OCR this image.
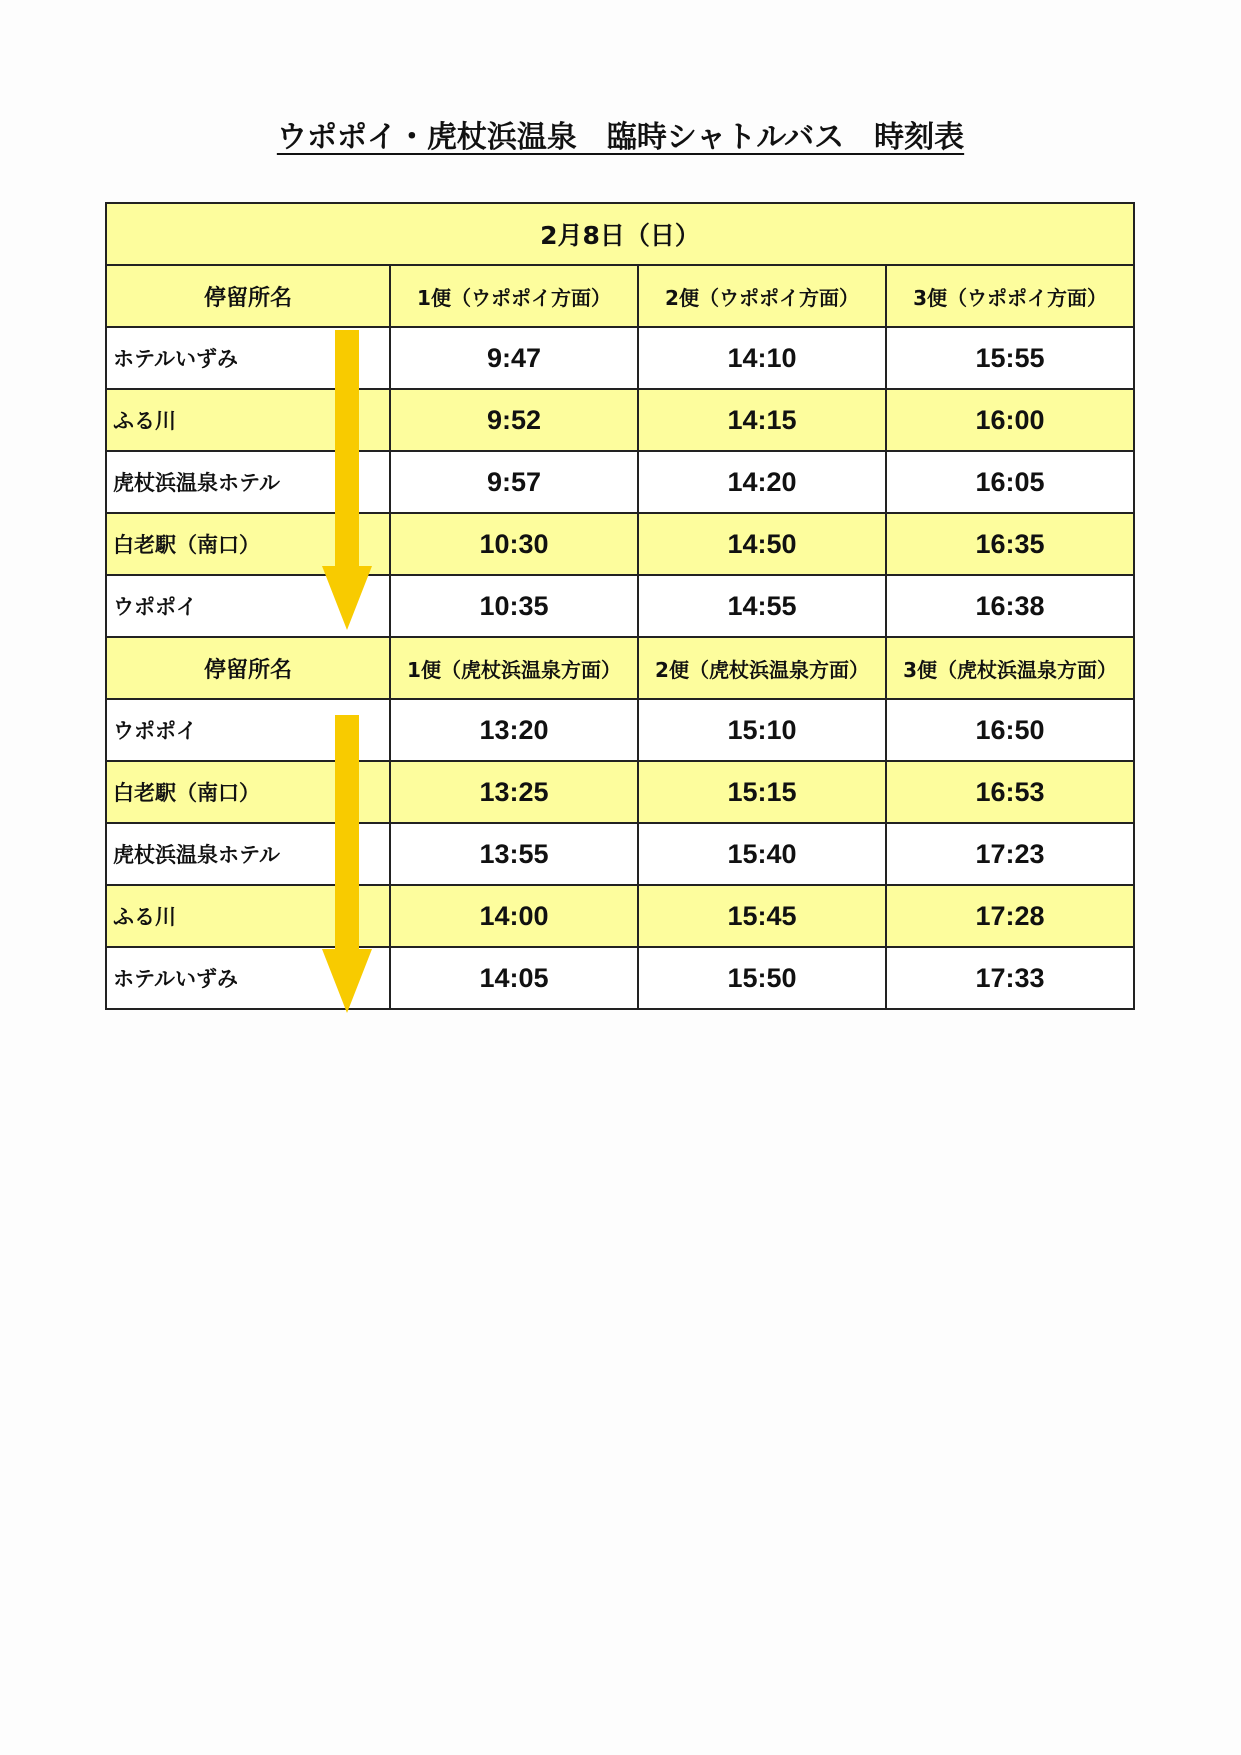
ウポポイ・虎杖浜温泉　臨時シャトルバス　時刻表
2月8日（日）			
停留所名	1便（ウポポイ方面）	2便（ウポポイ方面）	3便（ウポポイ方面）
ホテルいずみ	9:47	14:10	15:55
ふる川	9:52	14:15	16:00
虎杖浜温泉ホテル	9:57	14:20	16:05
白老駅（南口）	10:30	14:50	16:35
ウポポイ	10:35	14:55	16:38
停留所名	1便（虎杖浜温泉方面）	2便（虎杖浜温泉方面）	3便（虎杖浜温泉方面）
ウポポイ	13:20	15:10	16:50
白老駅（南口）	13:25	15:15	16:53
虎杖浜温泉ホテル	13:55	15:40	17:23
ふる川	14:00	15:45	17:28
ホテルいずみ	14:05	15:50	17:33
